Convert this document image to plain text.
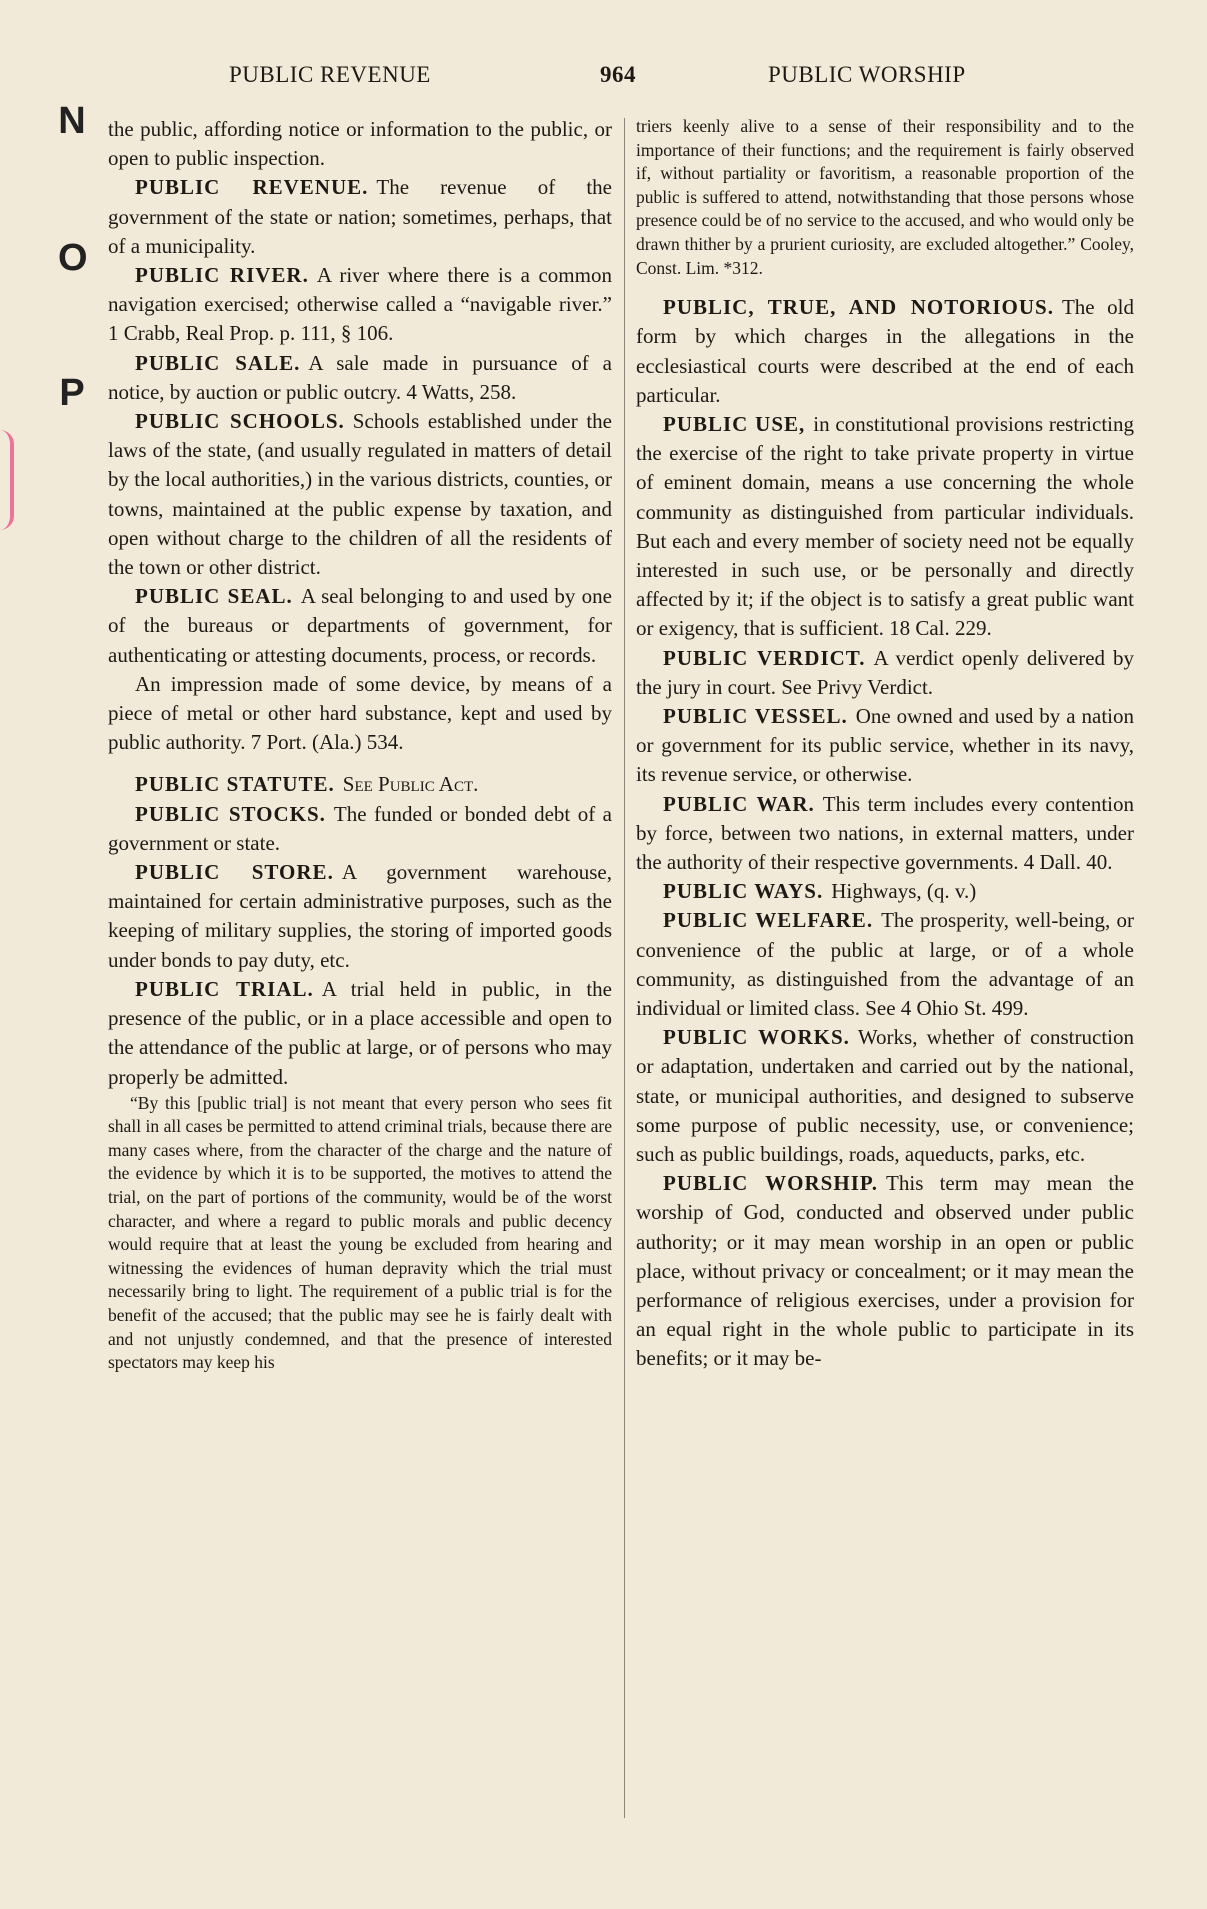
PUBLIC REVENUE	964	PUBLIC WORSHIP
N
O
P

the public, affording notice or information to the public, or open to public inspection.

PUBLIC REVENUE. The revenue of the government of the state or nation; sometimes, perhaps, that of a municipality.
PUBLIC RIVER. A river where there is a common navigation exercised; otherwise called a “navigable river.” 1 Crabb, Real Prop. p. 111, § 106.
PUBLIC SALE. A sale made in pursuance of a notice, by auction or public outcry. 4 Watts, 258.
PUBLIC SCHOOLS. Schools established under the laws of the state, (and usually regulated in matters of detail by the local authorities,) in the various districts, counties, or towns, maintained at the public expense by taxation, and open without charge to the children of all the residents of the town or other district.

PUBLIC SEAL. A seal belonging to and used by one of the bureaus or departments of government, for authenticating or attesting documents, process, or records.

An impression made of some device, by means of a piece of metal or other hard substance, kept and used by public authority. 7 Port. (Ala.) 534.

PUBLIC STATUTE. See Public Act.
PUBLIC STOCKS. The funded or bonded debt of a government or state.
PUBLIC STORE. A government warehouse, maintained for certain administrative purposes, such as the keeping of military supplies, the storing of imported goods under bonds to pay duty, etc.
PUBLIC TRIAL. A trial held in public, in the presence of the public, or in a place accessible and open to the attendance of the public at large, or of persons who may properly be admitted.

“By this [public trial] is not meant that every person who sees fit shall in all cases be permitted to attend criminal trials, because there are many cases where, from the character of the charge and the nature of the evidence by which it is to be supported, the motives to attend the trial, on the part of portions of the community, would be of the worst character, and where a regard to public morals and public decency would require that at least the young be excluded from hearing and witnessing the evidences of human depravity which the trial must necessarily bring to light. The requirement of a public trial is for the benefit of the accused; that the public may see he is fairly dealt with and not unjustly condemned, and that the presence of interested spectators may keep his

triers keenly alive to a sense of their responsibility and to the importance of their functions; and the requirement is fairly observed if, without partiality or favoritism, a reasonable proportion of the public is suffered to attend, notwithstanding that those persons whose presence could be of no service to the accused, and who would only be drawn thither by a prurient curiosity, are excluded altogether.” Cooley, Const. Lim. *312.

PUBLIC, TRUE, AND NOTORIOUS. The old form by which charges in the allegations in the ecclesiastical courts were described at the end of each particular.
PUBLIC USE, in constitutional provisions restricting the exercise of the right to take private property in virtue of eminent domain, means a use concerning the whole community as distinguished from particular individuals. But each and every member of society need not be equally interested in such use, or be personally and directly affected by it; if the object is to satisfy a great public want or exigency, that is sufficient. 18 Cal. 229.
PUBLIC VERDICT. A verdict openly delivered by the jury in court. See Privy Verdict.
PUBLIC VESSEL. One owned and used by a nation or government for its public service, whether in its navy, its revenue service, or otherwise.
PUBLIC WAR. This term includes every contention by force, between two nations, in external matters, under the authority of their respective governments. 4 Dall. 40.
PUBLIC WAYS. Highways, (q. v.)
PUBLIC WELFARE. The prosperity, well-being, or convenience of the public at large, or of a whole community, as distinguished from the advantage of an individual or limited class. See 4 Ohio St. 499.
PUBLIC WORKS. Works, whether of construction or adaptation, undertaken and carried out by the national, state, or municipal authorities, and designed to subserve some purpose of public necessity, use, or convenience; such as public buildings, roads, aqueducts, parks, etc.
PUBLIC WORSHIP. This term may mean the worship of God, conducted and observed under public authority; or it may mean worship in an open or public place, without privacy or concealment; or it may mean the performance of religious exercises, under a provision for an equal right in the whole public to participate in its benefits; or it may be-
